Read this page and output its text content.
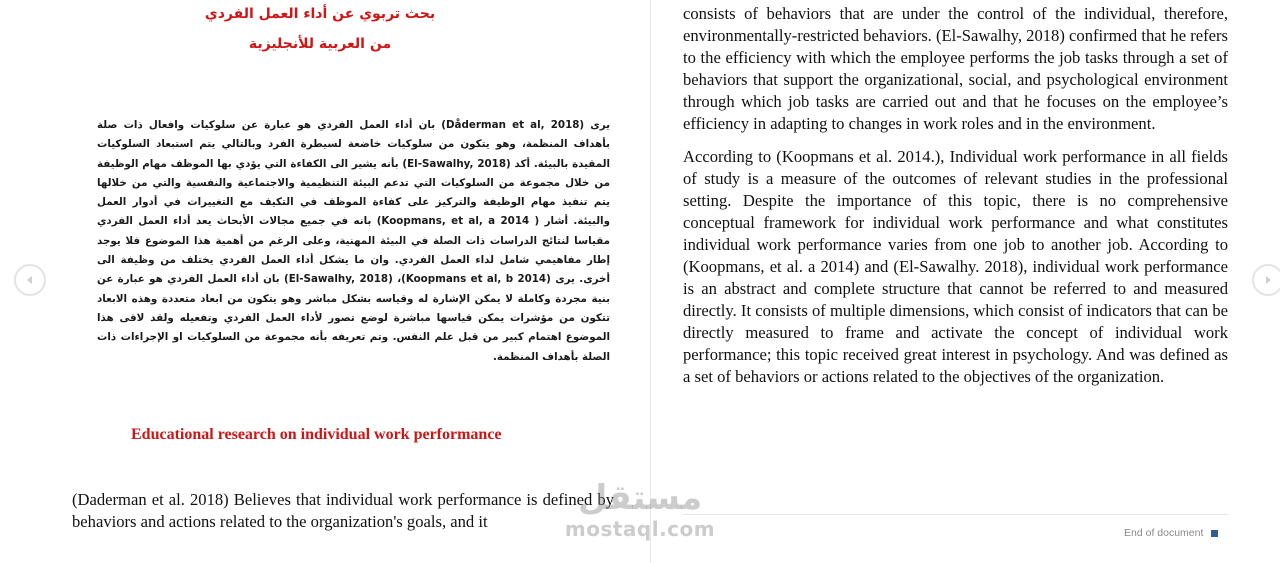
بحث تربوي عن أداء العمل الفردي
من العربية للأنجليزية
يرى (Dåderman et al, 2018) بان أداء العمل الفردي هو عبارة عن سلوكيات وافعال ذات صلة بأهداف المنظمة، وهو يتكون من سلوكيات خاضعة لسيطرة الفرد وبالتالي يتم استبعاد السلوكيات المقيدة بالبيئة. أكد (El-Sawalhy, 2018) بأنه يشير الى الكفاءة التي يؤدي بها الموظف مهام الوظيفة من خلال مجموعة من السلوكيات التي تدعم البيئة التنظيمية والاجتماعية والنفسية والتي من خلالها يتم تنفيذ مهام الوظيفة والتركيز على كفاءة الموظف في التكيف مع التغييرات في أدوار العمل والبيئة. أشار ( Koopmans, et al, a 2014) بانه في جميع مجالات الأبحاث يعد أداء العمل الفردي مقياسا لنتائج الدراسات ذات الصلة في البيئة المهنية، وعلى الرغم من أهمية هذا الموضوع فلا يوجد إطار مفاهيمي شامل لداء العمل الفردي. وان ما يشكل أداء العمل الفردي يختلف من وظيفة الى أخرى. يرى (Koopmans et al, b 2014)، (El-Sawalhy, 2018) بان أداء العمل الفردي هو عبارة عن بنية مجردة وكاملة لا يمكن الإشارة له وقياسه بشكل مباشر وهو يتكون من ابعاد متعددة وهذه الابعاد تتكون من مؤشرات يمكن قياسها مباشرة لوضع تصور لأداء العمل الفردي وتفعيله ولقد لاقى هذا الموضوع اهتمام كبير من قبل علم النفس. وتم تعريفه بأنه مجموعة من السلوكيات او الإجراءات ذات الصلة بأهداف المنظمة.
Educational research on individual work performance
(Daderman et al. 2018) Believes that individual work performance is defined by behaviors and actions related to the organization's goals, and it

consists of behaviors that are under the control of the individual, therefore, environmentally-restricted behaviors. (El-Sawalhy, 2018) confirmed that he refers to the efficiency with which the employee performs the job tasks through a set of behaviors that support the organizational, social, and psychological environment through which job tasks are carried out and that he focuses on the employee’s efficiency in adapting to changes in work roles and in the environment.

According to (Koopmans et al. 2014.), Individual work performance in all fields of study is a measure of the outcomes of relevant studies in the professional setting. Despite the importance of this topic, there is no comprehensive conceptual framework for individual work performance and what constitutes individual work performance varies from one job to another job. According to (Koopmans, et al. a 2014) and (El-Sawalhy. 2018), individual work performance is an abstract and complete structure that cannot be referred to and measured directly. It consists of multiple dimensions, which consist of indicators that can be directly measured to frame and activate the concept of individual work performance; this topic received great interest in psychology. And was defined as a set of behaviors or actions related to the objectives of the organization.

End of document
مستقل
mostaql.com
